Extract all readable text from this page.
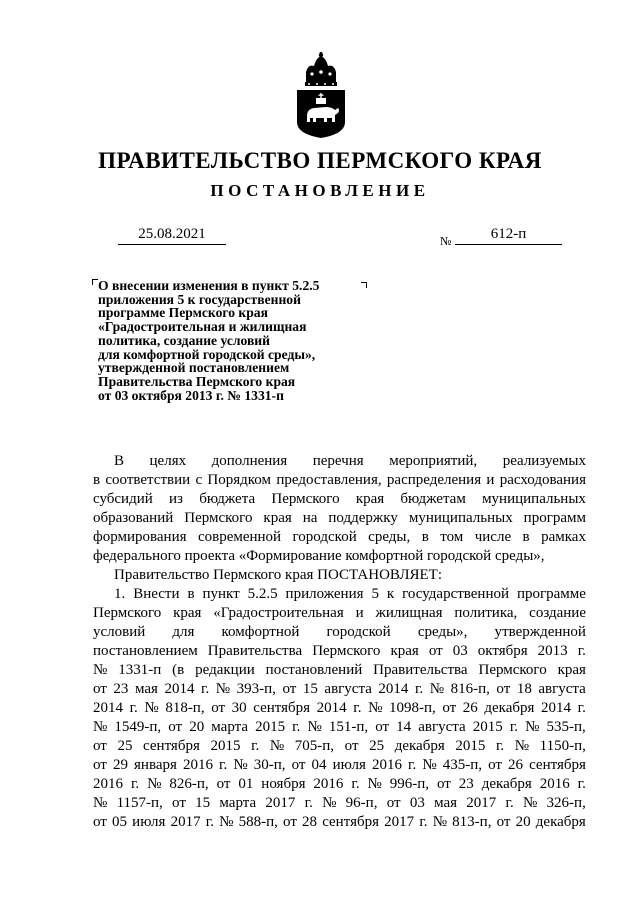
ПРАВИТЕЛЬСТВО ПЕРМСКОГО КРАЯ
ПОСТАНОВЛЕНИЕ
25.08.2021	№	612-п
О внесении изменения в пункт 5.2.5
приложения 5 к государственной
программе Пермского края
«Градостроительная и жилищная
политика, создание условий
для комфортной городской среды»,
утвержденной постановлением
Правительства Пермского края
от 03 октября 2013 г. № 1331-п
В целях дополнения перечня мероприятий, реализуемых
в соответствии с Порядком предоставления, распределения и расходования
субсидий из бюджета Пермского края бюджетам муниципальных
образований Пермского края на поддержку муниципальных программ
формирования современной городской среды, в том числе в рамках
федерального проекта «Формирование комфортной городской среды»,
Правительство Пермского края ПОСТАНОВЛЯЕТ:
1. Внести в пункт 5.2.5 приложения 5 к государственной программе
Пермского края «Градостроительная и жилищная политика, создание
условий для комфортной городской среды», утвержденной
постановлением Правительства Пермского края от 03 октября 2013 г.
№ 1331-п (в редакции постановлений Правительства Пермского края
от 23 мая 2014 г. № 393-п, от 15 августа 2014 г. № 816-п, от 18 августа
2014 г. № 818-п, от 30 сентября 2014 г. № 1098-п, от 26 декабря 2014 г.
№ 1549-п, от 20 марта 2015 г. № 151-п, от 14 августа 2015 г. № 535-п,
от 25 сентября 2015 г. № 705-п, от 25 декабря 2015 г. № 1150-п,
от 29 января 2016 г. № 30-п, от 04 июля 2016 г. № 435-п, от 26 сентября
2016 г. № 826-п, от 01 ноября 2016 г. № 996-п, от 23 декабря 2016 г.
№ 1157-п, от 15 марта 2017 г. № 96-п, от 03 мая 2017 г. № 326-п,
от 05 июля 2017 г. № 588-п, от 28 сентября 2017 г. № 813-п, от 20 декабря
